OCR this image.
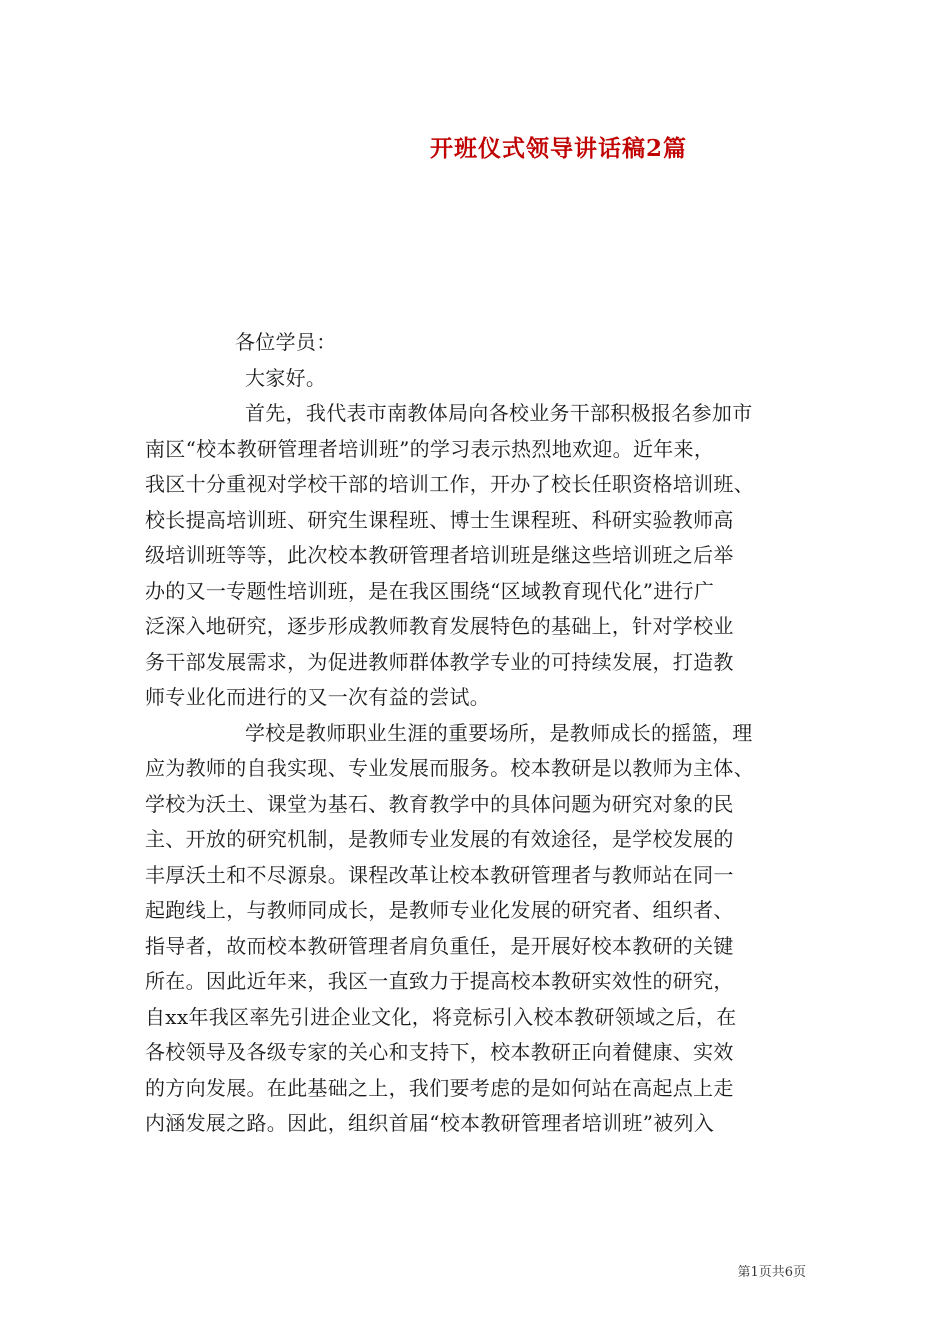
开班仪式领导讲话稿2篇
各位学员：
大家好。
首先，我代表市南教体局向各校业务干部积极报名参加市
南区“校本教研管理者培训班”的学习表示热烈地欢迎。近年来，
我区十分重视对学校干部的培训工作，开办了校长任职资格培训班、
校长提高培训班、研究生课程班、博士生课程班、科研实验教师高
级培训班等等，此次校本教研管理者培训班是继这些培训班之后举
办的又一专题性培训班，是在我区围绕“区域教育现代化”进行广
泛深入地研究，逐步形成教师教育发展特色的基础上，针对学校业
务干部发展需求，为促进教师群体教学专业的可持续发展，打造教
师专业化而进行的又一次有益的尝试。
学校是教师职业生涯的重要场所，是教师成长的摇篮，理
应为教师的自我实现、专业发展而服务。校本教研是以教师为主体、
学校为沃土、课堂为基石、教育教学中的具体问题为研究对象的民
主、开放的研究机制，是教师专业发展的有效途径，是学校发展的
丰厚沃土和不尽源泉。课程改革让校本教研管理者与教师站在同一
起跑线上，与教师同成长，是教师专业化发展的研究者、组织者、
指导者，故而校本教研管理者肩负重任，是开展好校本教研的关键
所在。因此近年来，我区一直致力于提高校本教研实效性的研究，
自xx年我区率先引进企业文化，将竞标引入校本教研领域之后，在
各校领导及各级专家的关心和支持下，校本教研正向着健康、实效
的方向发展。在此基础之上，我们要考虑的是如何站在高起点上走
内涵发展之路。因此，组织首届“校本教研管理者培训班”被列入
第1页共6页
